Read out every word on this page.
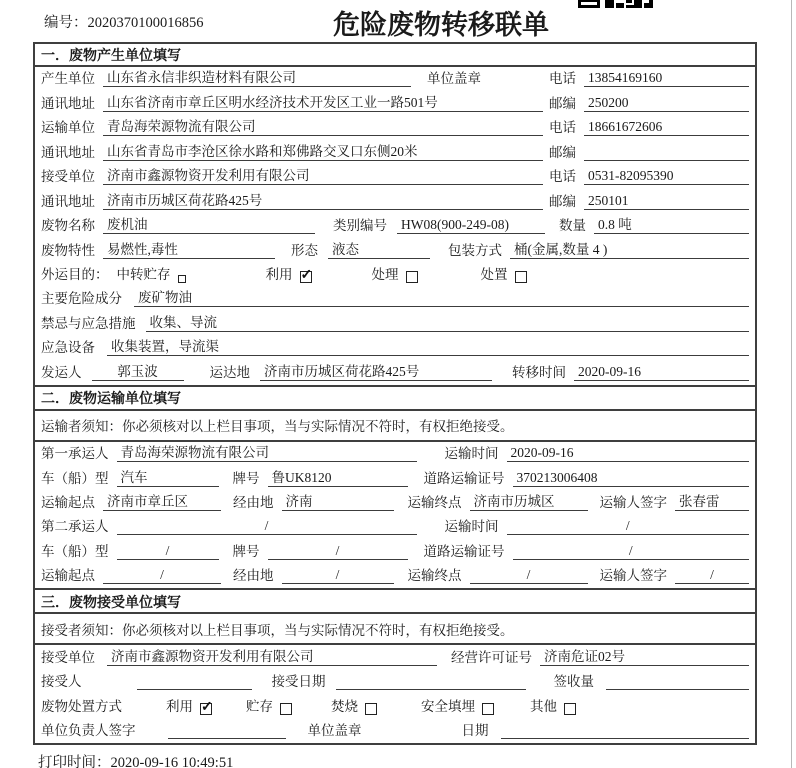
编号：2020370100016856	危险废物转移联单
一．废物产生单位填写
产生单位 山东省永信非织造材料有限公司	单位盖章	电话 13854169160
通讯地址 山东省济南市章丘区明水经济技术开发区工业一路501号	邮编 250200
运输单位 青岛海荣源物流有限公司	电话 18661672606
通讯地址 山东省青岛市李沧区徐水路和郑佛路交叉口东侧20米	邮编
接受单位 济南市鑫源物资开发利用有限公司	电话 0531-82095390
通讯地址 济南市历城区荷花路425号	邮编 250101
废物名称 废机油	类别编号 HW08(900-249-08)	数量 0.8 吨
废物特性 易燃性,毒性	形态 液态	包装方式 桶(金属,数量 4 )
外运目的： 中转贮存	利用 ✓	处理	处置
主要危险成分 废矿物油
禁忌与应急措施 收集、导流
应急设备 收集装置，导流渠
发运人	郭玉波	运达地 济南市历城区荷花路425号	转移时间 2020-09-16
二．废物运输单位填写
运输者须知：你必须核对以上栏目事项，当与实际情况不符时，有权拒绝接受。
第一承运人 青岛海荣源物流有限公司	运输时间 2020-09-16
车（船）型 汽车	牌号 鲁UK8120	道路运输证号 370213006408
运输起点 济南市章丘区	经由地 济南	运输终点 济南市历城区	运输人签字 张春雷
第二承运人	/	运输时间	/
车（船）型	/	牌号	/	道路运输证号	/
运输起点	/	经由地	/	运输终点	/	运输人签字	/
三．废物接受单位填写
接受者须知：你必须核对以上栏目事项，当与实际情况不符时，有权拒绝接受。
接受单位 济南市鑫源物资开发利用有限公司	经营许可证号 济南危证02号
接受人	接受日期	签收量
废物处置方式	利用 ✓	贮存	焚烧	安全填埋	其他
单位负责人签字	单位盖章	日期
打印时间：2020-09-16 10:49:51
